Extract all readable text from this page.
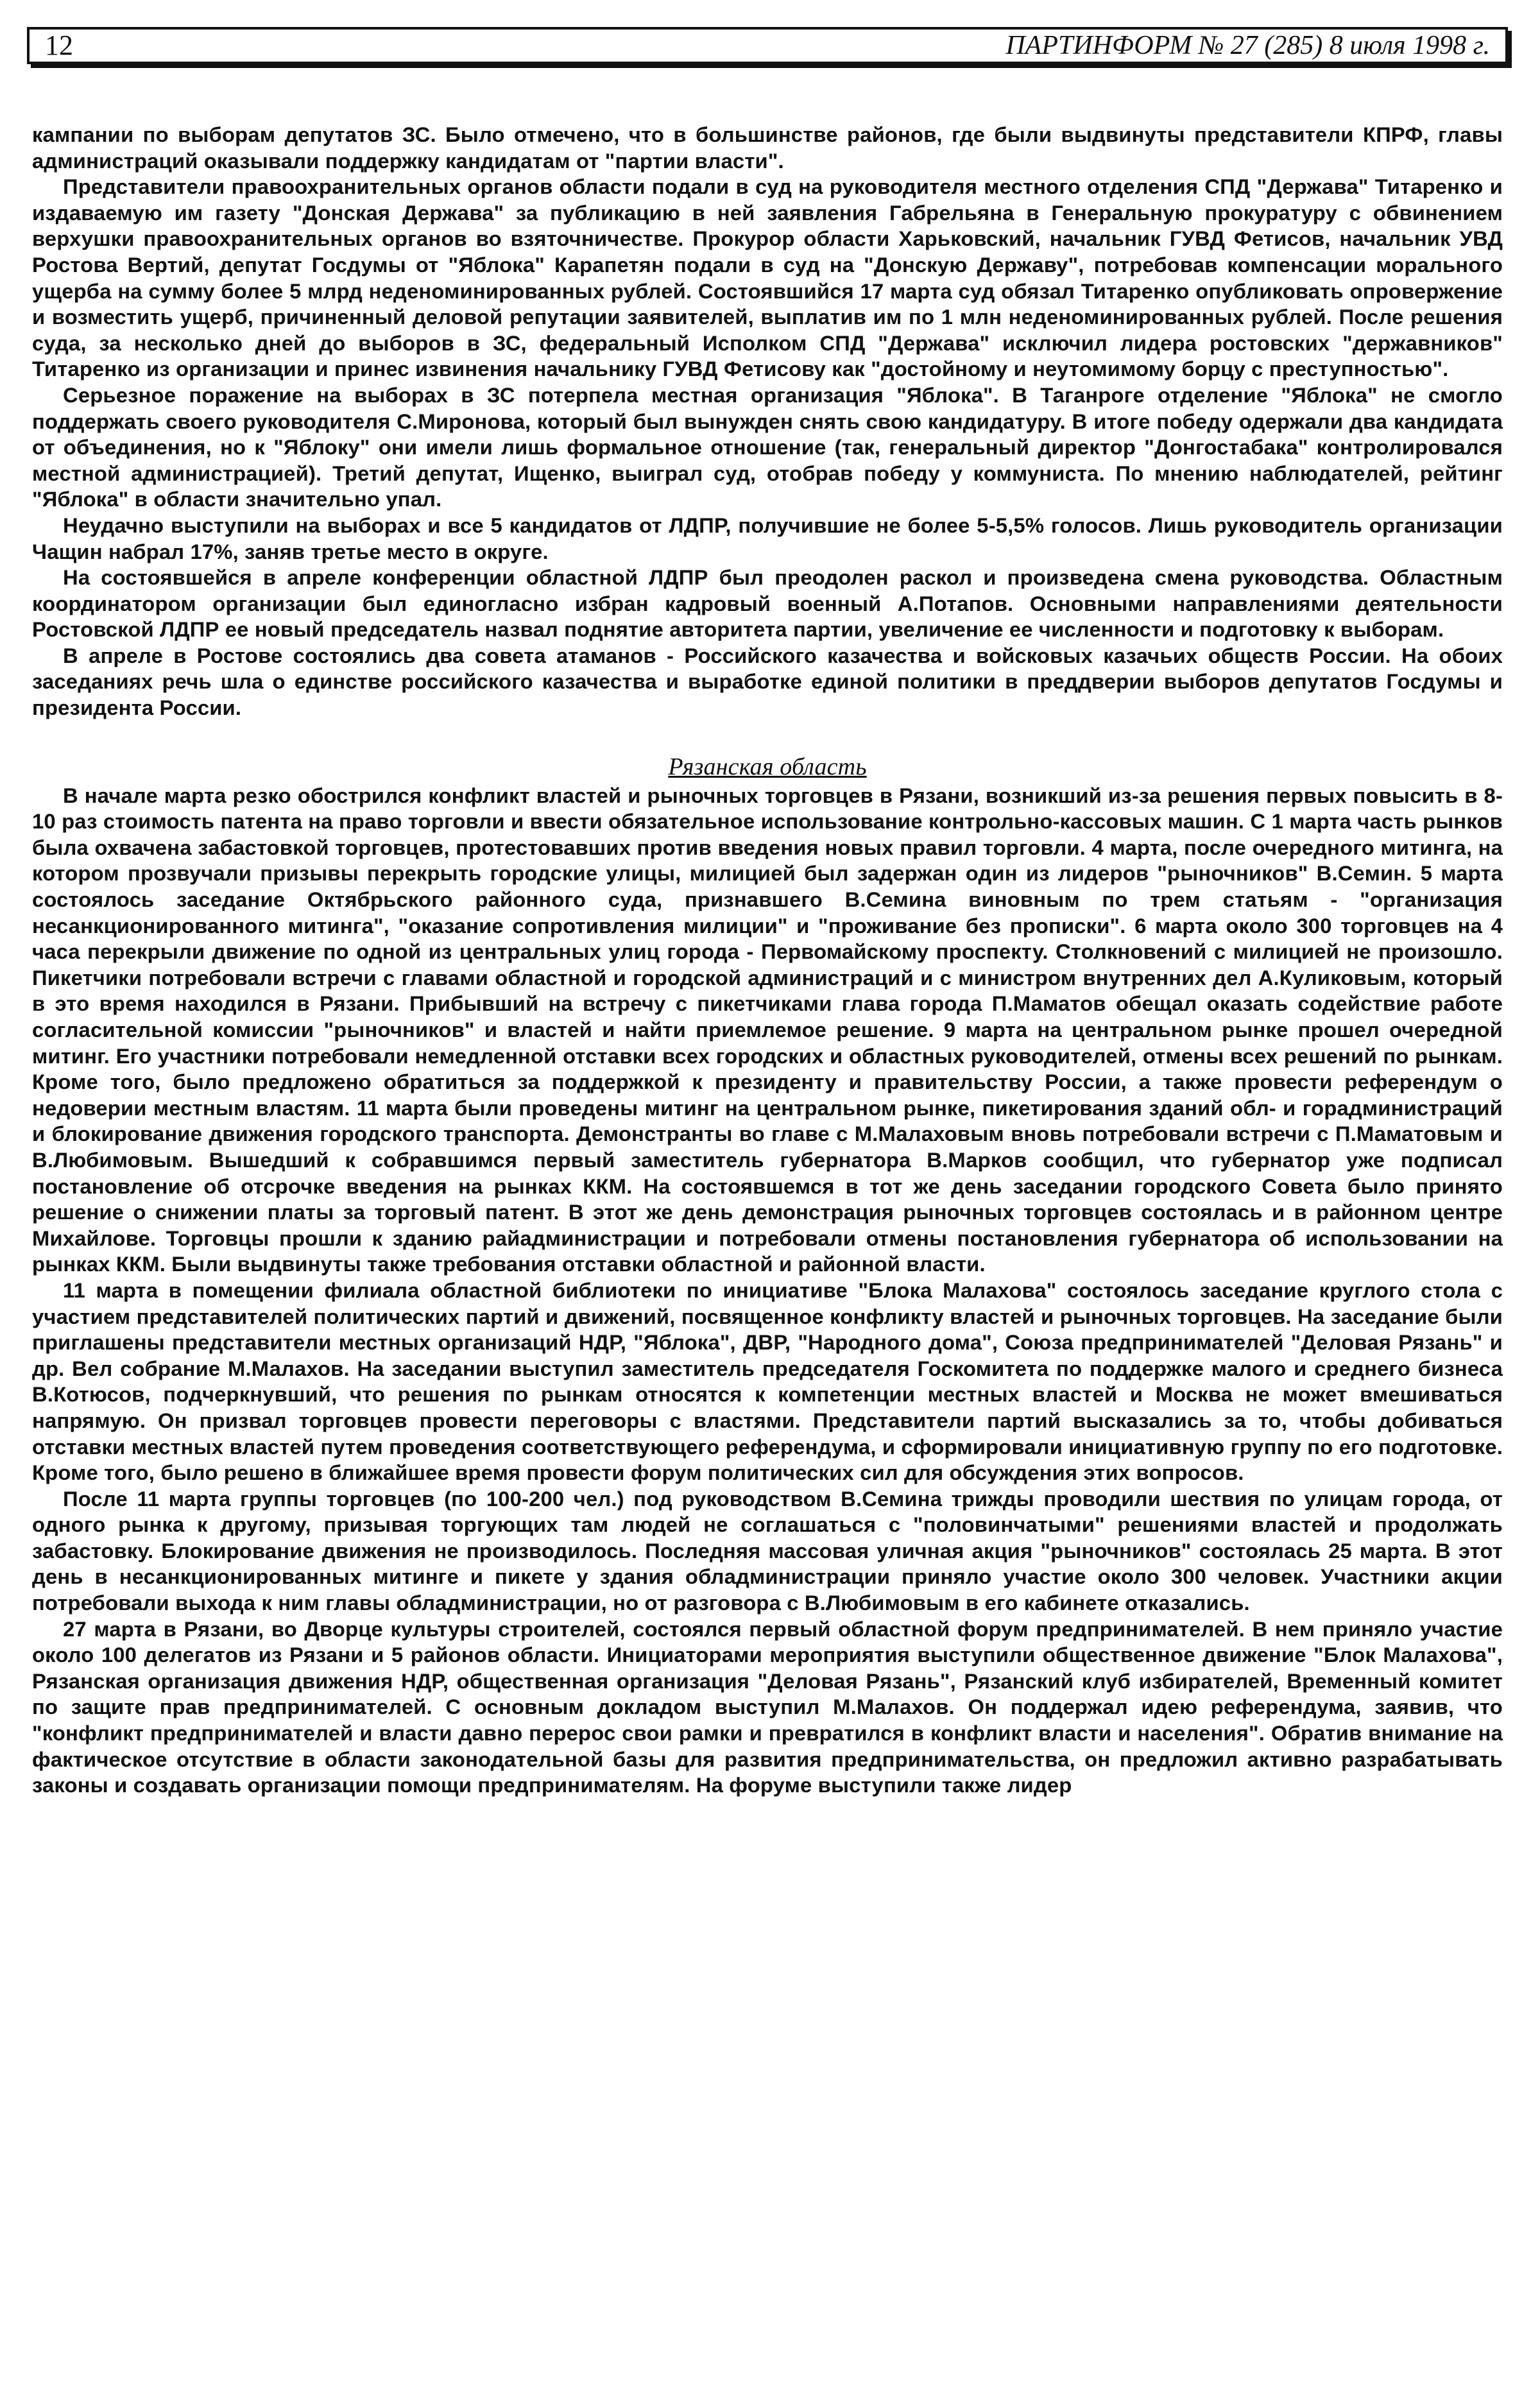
12	ПАРТИНФОРМ № 27 (285) 8 июля 1998 г.

кампании по выборам депутатов ЗС. Было отмечено, что в большинстве районов, где были выдвинуты представители КПРФ, главы администраций оказывали поддержку кандидатам от "партии власти".

Представители правоохранительных органов области подали в суд на руководителя местного отделения СПД "Держава" Титаренко и издаваемую им газету "Донская Держава" за публикацию в ней заявления Габрельяна в Генеральную прокуратуру с обвинением верхушки правоохранительных органов во взяточничестве. Прокурор области Харьковский, начальник ГУВД Фетисов, начальник УВД Ростова Вертий, депутат Госдумы от "Яблока" Карапетян подали в суд на "Донскую Державу", потребовав компенсации морального ущерба на сумму более 5 млрд неденоминированных рублей. Состоявшийся 17 марта суд обязал Титаренко опубликовать опровержение и возместить ущерб, причиненный деловой репутации заявителей, выплатив им по 1 млн неденоминированных рублей. После решения суда, за несколько дней до выборов в ЗС, федеральный Исполком СПД "Держава" исключил лидера ростовских "державников" Титаренко из организации и принес извинения начальнику ГУВД Фетисову как "достойному и неутомимому борцу с преступностью".

Серьезное поражение на выборах в ЗС потерпела местная организация "Яблока". В Таганроге отделение "Яблока" не смогло поддержать своего руководителя С.Миронова, который был вынужден снять свою кандидатуру. В итоге победу одержали два кандидата от объединения, но к "Яблоку" они имели лишь формальное отношение (так, генеральный директор "Донгостабака" контролировался местной администрацией). Третий депутат, Ищенко, выиграл суд, отобрав победу у коммуниста. По мнению наблюдателей, рейтинг "Яблока" в области значительно упал.

Неудачно выступили на выборах и все 5 кандидатов от ЛДПР, получившие не более 5-5,5% голосов. Лишь руководитель организации Чащин набрал 17%, заняв третье место в округе.

На состоявшейся в апреле конференции областной ЛДПР был преодолен раскол и произведена смена руководства. Областным координатором организации был единогласно избран кадровый военный А.Потапов. Основными направлениями деятельности Ростовской ЛДПР ее новый председатель назвал поднятие авторитета партии, увеличение ее численности и подготовку к выборам.

В апреле в Ростове состоялись два совета атаманов - Российского казачества и войсковых казачьих обществ России. На обоих заседаниях речь шла о единстве российского казачества и выработке единой политики в преддверии выборов депутатов Госдумы и президента России.

Рязанская область

В начале марта резко обострился конфликт властей и рыночных торговцев в Рязани, возникший из-за решения первых повысить в 8-10 раз стоимость патента на право торговли и ввести обязательное использование контрольно-кассовых машин. С 1 марта часть рынков была охвачена забастовкой торговцев, протестовавших против введения новых правил торговли. 4 марта, после очередного митинга, на котором прозвучали призывы перекрыть городские улицы, милицией был задержан один из лидеров "рыночников" В.Семин. 5 марта состоялось заседание Октябрьского районного суда, признавшего В.Семина виновным по трем статьям - "организация несанкционированного митинга", "оказание сопротивления милиции" и "проживание без прописки". 6 марта около 300 торговцев на 4 часа перекрыли движение по одной из центральных улиц города - Первомайскому проспекту. Столкновений с милицией не произошло. Пикетчики потребовали встречи с главами областной и городской администраций и с министром внутренних дел А.Куликовым, который в это время находился в Рязани. Прибывший на встречу с пикетчиками глава города П.Маматов обещал оказать содействие работе согласительной комиссии "рыночников" и властей и найти приемлемое решение. 9 марта на центральном рынке прошел очередной митинг. Его участники потребовали немедленной отставки всех городских и областных руководителей, отмены всех решений по рынкам. Кроме того, было предложено обратиться за поддержкой к президенту и правительству России, а также провести референдум о недоверии местным властям. 11 марта были проведены митинг на центральном рынке, пикетирования зданий обл- и горадминистраций и блокирование движения городского транспорта. Демонстранты во главе с М.Малаховым вновь потребовали встречи с П.Маматовым и В.Любимовым. Вышедший к собравшимся первый заместитель губернатора В.Марков сообщил, что губернатор уже подписал постановление об отсрочке введения на рынках ККМ. На состоявшемся в тот же день заседании городского Совета было принято решение о снижении платы за торговый патент. В этот же день демонстрация рыночных торговцев состоялась и в районном центре Михайлове. Торговцы прошли к зданию райадминистрации и потребовали отмены постановления губернатора об использовании на рынках ККМ. Были выдвинуты также требования отставки областной и районной власти.

11 марта в помещении филиала областной библиотеки по инициативе "Блока Малахова" состоялось заседание круглого стола с участием представителей политических партий и движений, посвященное конфликту властей и рыночных торговцев. На заседание были приглашены представители местных организаций НДР, "Яблока", ДВР, "Народного дома", Союза предпринимателей "Деловая Рязань" и др. Вел собрание М.Малахов. На заседании выступил заместитель председателя Госкомитета по поддержке малого и среднего бизнеса В.Котюсов, подчеркнувший, что решения по рынкам относятся к компетенции местных властей и Москва не может вмешиваться напрямую. Он призвал торговцев провести переговоры с властями. Представители партий высказались за то, чтобы добиваться отставки местных властей путем проведения соответствующего референдума, и сформировали инициативную группу по его подготовке. Кроме того, было решено в ближайшее время провести форум политических сил для обсуждения этих вопросов.

После 11 марта группы торговцев (по 100-200 чел.) под руководством В.Семина трижды проводили шествия по улицам города, от одного рынка к другому, призывая торгующих там людей не соглашаться с "половинчатыми" решениями властей и продолжать забастовку. Блокирование движения не производилось. Последняя массовая уличная акция "рыночников" состоялась 25 марта. В этот день в несанкционированных митинге и пикете у здания обладминистрации приняло участие около 300 человек. Участники акции потребовали выхода к ним главы обладминистрации, но от разговора с В.Любимовым в его кабинете отказались.

27 марта в Рязани, во Дворце культуры строителей, состоялся первый областной форум предпринимателей. В нем приняло участие около 100 делегатов из Рязани и 5 районов области. Инициаторами мероприятия выступили общественное движение "Блок Малахова", Рязанская организация движения НДР, общественная организация "Деловая Рязань", Рязанский клуб избирателей, Временный комитет по защите прав предпринимателей. С основным докладом выступил М.Малахов. Он поддержал идею референдума, заявив, что "конфликт предпринимателей и власти давно перерос свои рамки и превратился в конфликт власти и населения". Обратив внимание на фактическое отсутствие в области законодательной базы для развития предпринимательства, он предложил активно разрабатывать законы и создавать организации помощи предпринимателям. На форуме выступили также лидер
